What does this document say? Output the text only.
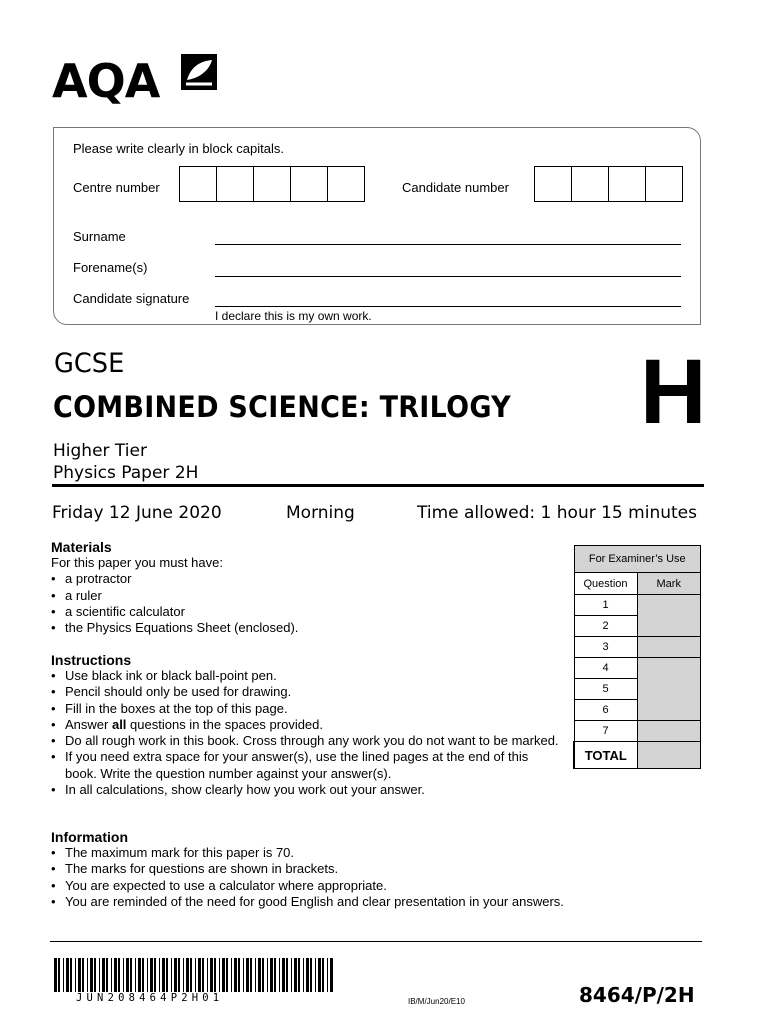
AQA
Please write clearly in block capitals.
Centre number	Candidate number
Surname
Forename(s)
Candidate signature
I declare this is my own work.
GCSE
COMBINED SCIENCE: TRILOGY H
Higher Tier
Physics Paper 2H
Friday 12 June 2020	Morning	Time allowed: 1 hour 15 minutes
Materials
For this paper you must have:
• a protractor
• a ruler
• a scientific calculator
• the Physics Equations Sheet (enclosed).
Instructions
• Use black ink or black ball-point pen.
• Pencil should only be used for drawing.
• Fill in the boxes at the top of this page.
• Answer all questions in the spaces provided.
• Do all rough work in this book. Cross through any work you do not want to be marked.
• If you need extra space for your answer(s), use the lined pages at the end of this book. Write the question number against your answer(s).
• In all calculations, show clearly how you work out your answer.
Information
• The maximum mark for this paper is 70.
• The marks for questions are shown in brackets.
• You are expected to use a calculator where appropriate.
• You are reminded of the need for good English and clear presentation in your answers.
For Examiner’s Use	
Question	Mark
1	
2	
3	
4	
5	
6	
7	
TOTAL	
JUN208464P2H01	IB/M/Jun20/E10	8464/P/2H
